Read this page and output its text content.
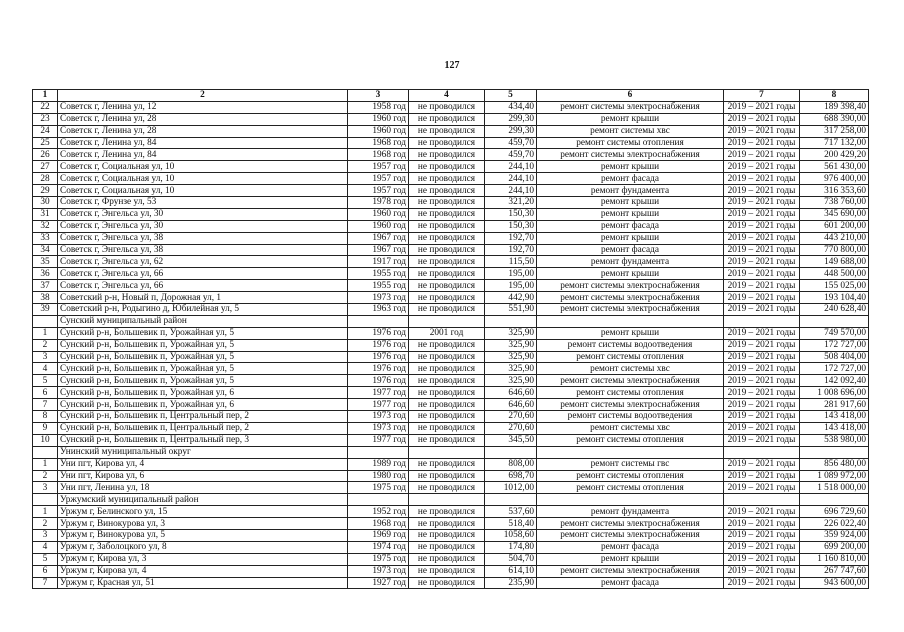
127
1	2	3	4	5	6	7	8
22	Советск г, Ленина ул, 12	1958 год	не проводился	434,40	ремонт системы электроснабжения	2019 – 2021 годы	189 398,40
23	Советск г, Ленина ул, 28	1960 год	не проводился	299,30	ремонт крыши	2019 – 2021 годы	688 390,00
24	Советск г, Ленина ул, 28	1960 год	не проводился	299,30	ремонт системы хвс	2019 – 2021 годы	317 258,00
25	Советск г, Ленина ул, 84	1968 год	не проводился	459,70	ремонт системы отопления	2019 – 2021 годы	717 132,00
26	Советск г, Ленина ул, 84	1968 год	не проводился	459,70	ремонт системы электроснабжения	2019 – 2021 годы	200 429,20
27	Советск г, Социальная ул, 10	1957 год	не проводился	244,10	ремонт крыши	2019 – 2021 годы	561 430,00
28	Советск г, Социальная ул, 10	1957 год	не проводился	244,10	ремонт фасада	2019 – 2021 годы	976 400,00
29	Советск г, Социальная ул, 10	1957 год	не проводился	244,10	ремонт фундамента	2019 – 2021 годы	316 353,60
30	Советск г, Фрунзе ул, 53	1978 год	не проводился	321,20	ремонт крыши	2019 – 2021 годы	738 760,00
31	Советск г, Энгельса ул, 30	1960 год	не проводился	150,30	ремонт крыши	2019 – 2021 годы	345 690,00
32	Советск г, Энгельса ул, 30	1960 год	не проводился	150,30	ремонт фасада	2019 – 2021 годы	601 200,00
33	Советск г, Энгельса ул, 38	1967 год	не проводился	192,70	ремонт крыши	2019 – 2021 годы	443 210,00
34	Советск г, Энгельса ул, 38	1967 год	не проводился	192,70	ремонт фасада	2019 – 2021 годы	770 800,00
35	Советск г, Энгельса ул, 62	1917 год	не проводился	115,50	ремонт фундамента	2019 – 2021 годы	149 688,00
36	Советск г, Энгельса ул, 66	1955 год	не проводился	195,00	ремонт крыши	2019 – 2021 годы	448 500,00
37	Советск г, Энгельса ул, 66	1955 год	не проводился	195,00	ремонт системы электроснабжения	2019 – 2021 годы	155 025,00
38	Советский р-н, Новый п, Дорожная ул, 1	1973 год	не проводился	442,90	ремонт системы электроснабжения	2019 – 2021 годы	193 104,40
39	Советский р-н, Родыгино д, Юбилейная ул, 5	1963 год	не проводился	551,90	ремонт системы электроснабжения	2019 – 2021 годы	240 628,40
	Сунский муниципальный район						
1	Сунский р-н, Большевик п, Урожайная ул, 5	1976 год	2001 год	325,90	ремонт крыши	2019 – 2021 годы	749 570,00
2	Сунский р-н, Большевик п, Урожайная ул, 5	1976 год	не проводился	325,90	ремонт системы водоотведения	2019 – 2021 годы	172 727,00
3	Сунский р-н, Большевик п, Урожайная ул, 5	1976 год	не проводился	325,90	ремонт системы отопления	2019 – 2021 годы	508 404,00
4	Сунский р-н, Большевик п, Урожайная ул, 5	1976 год	не проводился	325,90	ремонт системы хвс	2019 – 2021 годы	172 727,00
5	Сунский р-н, Большевик п, Урожайная ул, 5	1976 год	не проводился	325,90	ремонт системы электроснабжения	2019 – 2021 годы	142 092,40
6	Сунский р-н, Большевик п, Урожайная ул, 6	1977 год	не проводился	646,60	ремонт системы отопления	2019 – 2021 годы	1 008 696,00
7	Сунский р-н, Большевик п, Урожайная ул, 6	1977 год	не проводился	646,60	ремонт системы электроснабжения	2019 – 2021 годы	281 917,60
8	Сунский р-н, Большевик п, Центральный пер, 2	1973 год	не проводился	270,60	ремонт системы водоотведения	2019 – 2021 годы	143 418,00
9	Сунский р-н, Большевик п, Центральный пер, 2	1973 год	не проводился	270,60	ремонт системы хвс	2019 – 2021 годы	143 418,00
10	Сунский р-н, Большевик п, Центральный пер, 3	1977 год	не проводился	345,50	ремонт системы отопления	2019 – 2021 годы	538 980,00
	Унинский муниципальный округ						
1	Уни пгт, Кирова ул, 4	1989 год	не проводился	808,00	ремонт системы гвс	2019 – 2021 годы	856 480,00
2	Уни пгт, Кирова ул, 6	1980 год	не проводился	698,70	ремонт системы отопления	2019 – 2021 годы	1 089 972,00
3	Уни пгт, Ленина ул, 18	1975 год	не проводился	1012,00	ремонт системы отопления	2019 – 2021 годы	1 518 000,00
	Уржумский муниципальный район						
1	Уржум г, Белинского ул, 15	1952 год	не проводился	537,60	ремонт фундамента	2019 – 2021 годы	696 729,60
2	Уржум г, Винокурова ул, 3	1968 год	не проводился	518,40	ремонт системы электроснабжения	2019 – 2021 годы	226 022,40
3	Уржум г, Винокурова ул, 5	1969 год	не проводился	1058,60	ремонт системы электроснабжения	2019 – 2021 годы	359 924,00
4	Уржум г, Заболоцкого ул, 8	1974 год	не проводился	174,80	ремонт фасада	2019 – 2021 годы	699 200,00
5	Уржум г, Кирова ул, 3	1975 год	не проводился	504,70	ремонт крыши	2019 – 2021 годы	1 160 810,00
6	Уржум г, Кирова ул, 4	1973 год	не проводился	614,10	ремонт системы электроснабжения	2019 – 2021 годы	267 747,60
7	Уржум г, Красная ул, 51	1927 год	не проводился	235,90	ремонт фасада	2019 – 2021 годы	943 600,00
